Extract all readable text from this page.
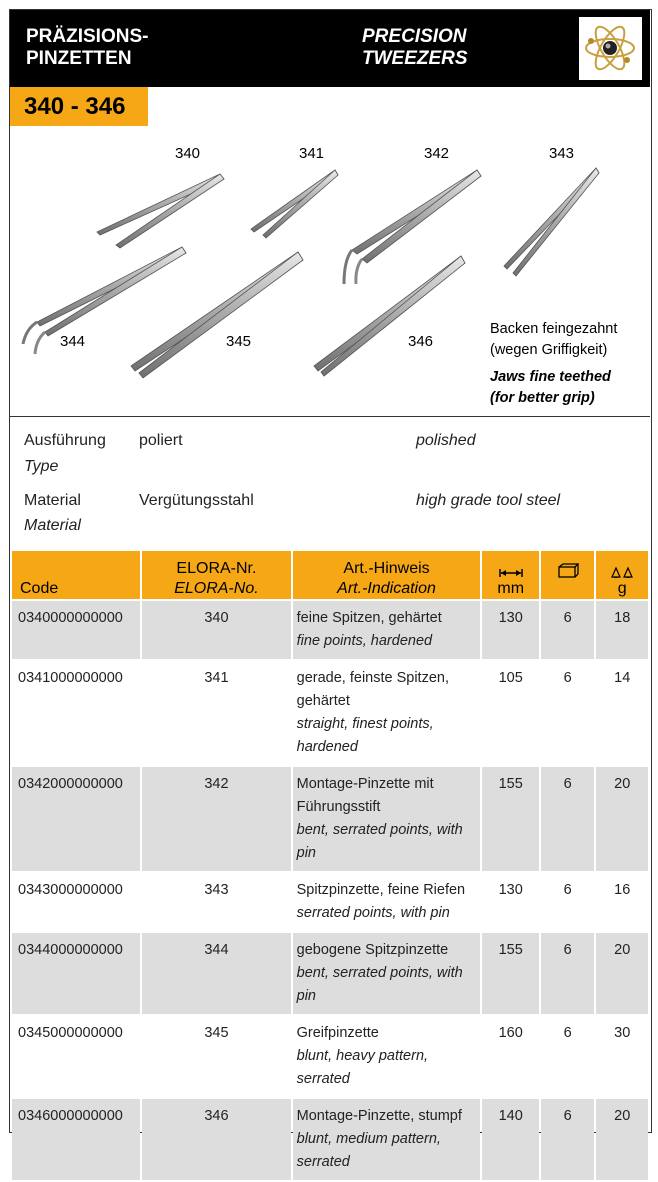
PRÄZISIONS-
PINZETTEN
PRECISION
TWEEZERS
340 - 346
340	341	342	343
344	345	346
Backen feingezahnt
(wegen Griffigkeit)
Jaws fine teethed
(for better grip)
Ausführung
Type
poliert	polished
Material
Material
Vergütungsstahl	high grade tool steel
Code	ELORA-Nr.
ELORA-No.	Art.-Hinweis
Art.-Indication	mm		g

0340000000000	340	feine Spitzen, gehärtet
fine points, hardened	130	6	18
0341000000000	341	gerade, feinste Spitzen, gehärtet
straight, finest points, hardened	105	6	14
0342000000000	342	Montage-Pinzette mit Führungsstift
bent, serrated points, with pin	155	6	20
0343000000000	343	Spitzpinzette, feine Riefen
serrated points, with pin	130	6	16
0344000000000	344	gebogene Spitzpinzette
bent, serrated points, with pin	155	6	20
0345000000000	345	Greifpinzette
blunt, heavy pattern, serrated	160	6	30
0346000000000	346	Montage-Pinzette, stumpf
blunt, medium pattern, serrated	140	6	20
